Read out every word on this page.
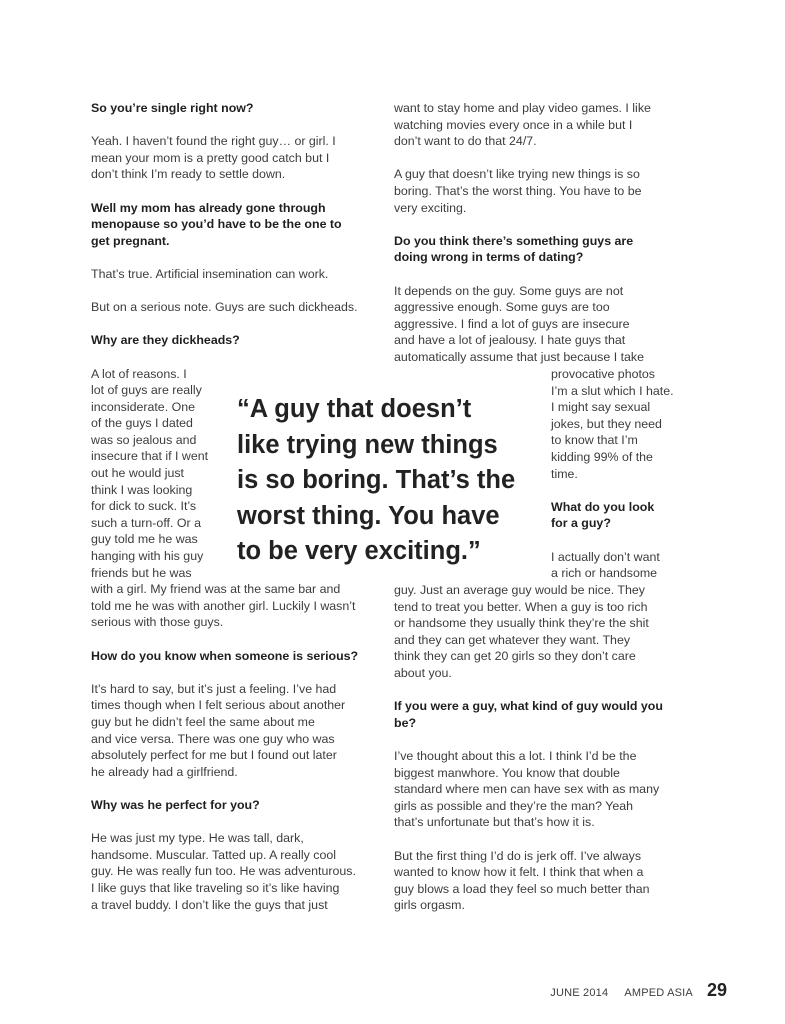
So you’re single right now?

Yeah. I haven’t found the right guy… or girl. I
mean your mom is a pretty good catch but I
don’t think I’m ready to settle down.

Well my mom has already gone through
menopause so you’d have to be the one to
get pregnant.

That’s true. Artificial insemination can work.

But on a serious note. Guys are such dickheads.

Why are they dickheads?

A lot of reasons. I
lot of guys are really
inconsiderate. One
of the guys I dated
was so jealous and
insecure that if I went
out he would just
think I was looking
for dick to suck. It’s
such a turn-off. Or a
guy told me he was
hanging with his guy
friends but he was
with a girl. My friend was at the same bar and
told me he was with another girl. Luckily I wasn’t
serious with those guys.

How do you know when someone is serious?

It’s hard to say, but it’s just a feeling. I’ve had
times though when I felt serious about another
guy but he didn’t feel the same about me
and vice versa. There was one guy who was
absolutely perfect for me but I found out later
he already had a girlfriend.

Why was he perfect for you?

He was just my type. He was tall, dark,
handsome. Muscular. Tatted up. A really cool
guy. He was really fun too. He was adventurous.
I like guys that like traveling so it’s like having
a travel buddy. I don’t like the guys that just

want to stay home and play video games. I like
watching movies every once in a while but I
don’t want to do that 24/7.

A guy that doesn’t like trying new things is so
boring. That’s the worst thing. You have to be
very exciting.

Do you think there’s something guys are
doing wrong in terms of dating?

It depends on the guy. Some guys are not
aggressive enough. Some guys are too
aggressive. I find a lot of guys are insecure
and have a lot of jealousy. I hate guys that
automatically assume that just because I take

provocative photos
I’m a slut which I hate.
I might say sexual
jokes, but they need
to know that I’m
kidding 99% of the
time.

What do you look
for a guy?

I actually don’t want
a rich or handsome

guy. Just an average guy would be nice. They
tend to treat you better. When a guy is too rich
or handsome they usually think they’re the shit
and they can get whatever they want. They
think they can get 20 girls so they don’t care
about you.

If you were a guy, what kind of guy would you
be?

I’ve thought about this a lot. I think I’d be the
biggest manwhore. You know that double
standard where men can have sex with as many
girls as possible and they’re the man? Yeah
that’s unfortunate but that’s how it is.

But the first thing I’d do is jerk off. I’ve always
wanted to know how it felt. I think that when a
guy blows a load they feel so much better than
girls orgasm.

“A guy that doesn’t
like trying new things
is so boring. That’s the
worst thing. You have
to be very exciting.”
JUNE 2014 AMPED ASIA 29
